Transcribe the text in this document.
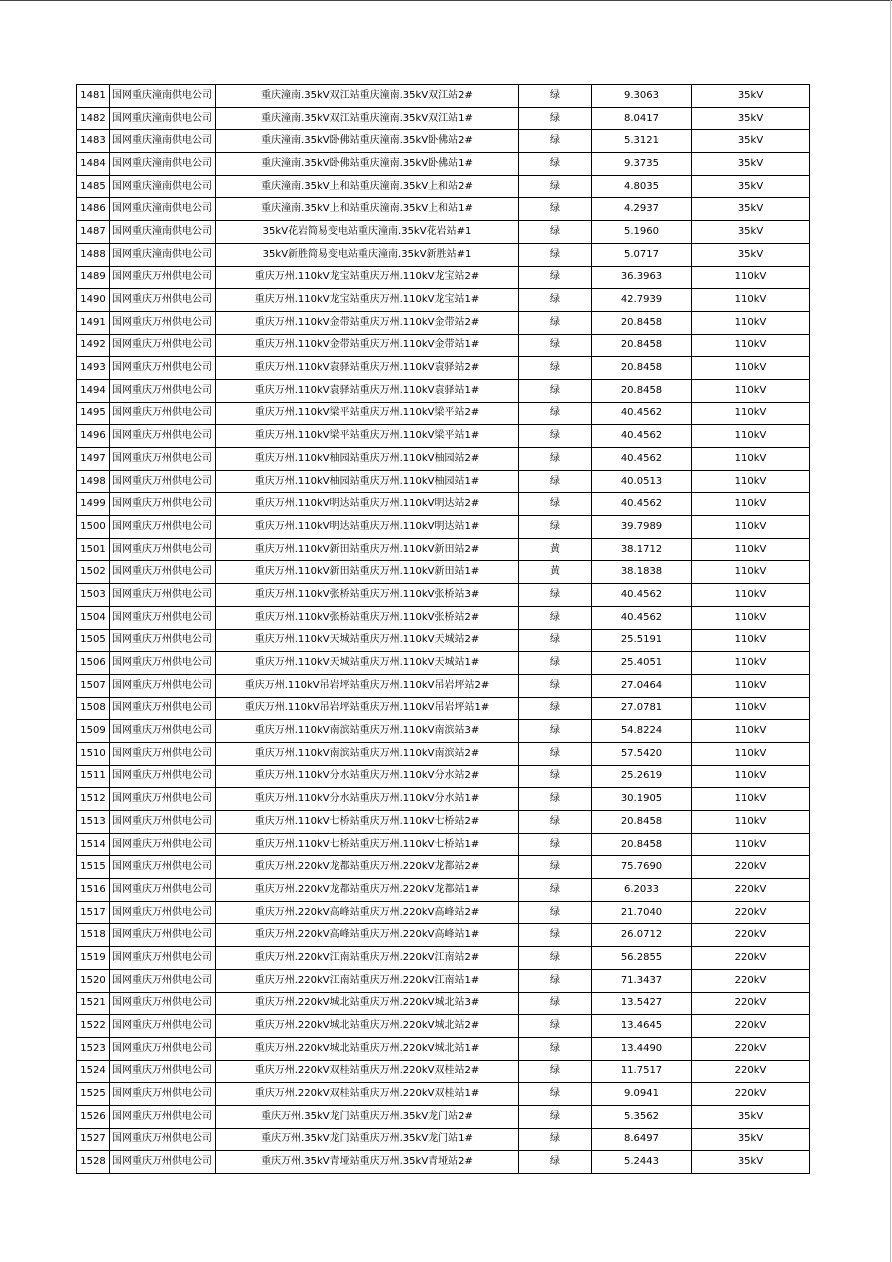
1481	国网重庆潼南供电公司	重庆潼南.35kV双江站重庆潼南.35kV双江站2#	绿	9.3063	35kV
1482	国网重庆潼南供电公司	重庆潼南.35kV双江站重庆潼南.35kV双江站1#	绿	8.0417	35kV
1483	国网重庆潼南供电公司	重庆潼南.35kV卧佛站重庆潼南.35kV卧佛站2#	绿	5.3121	35kV
1484	国网重庆潼南供电公司	重庆潼南.35kV卧佛站重庆潼南.35kV卧佛站1#	绿	9.3735	35kV
1485	国网重庆潼南供电公司	重庆潼南.35kV上和站重庆潼南.35kV上和站2#	绿	4.8035	35kV
1486	国网重庆潼南供电公司	重庆潼南.35kV上和站重庆潼南.35kV上和站1#	绿	4.2937	35kV
1487	国网重庆潼南供电公司	35kV花岩简易变电站重庆潼南.35kV花岩站#1	绿	5.1960	35kV
1488	国网重庆潼南供电公司	35kV新胜简易变电站重庆潼南.35kV新胜站#1	绿	5.0717	35kV
1489	国网重庆万州供电公司	重庆万州.110kV龙宝站重庆万州.110kV龙宝站2#	绿	36.3963	110kV
1490	国网重庆万州供电公司	重庆万州.110kV龙宝站重庆万州.110kV龙宝站1#	绿	42.7939	110kV
1491	国网重庆万州供电公司	重庆万州.110kV金带站重庆万州.110kV金带站2#	绿	20.8458	110kV
1492	国网重庆万州供电公司	重庆万州.110kV金带站重庆万州.110kV金带站1#	绿	20.8458	110kV
1493	国网重庆万州供电公司	重庆万州.110kV袁驿站重庆万州.110kV袁驿站2#	绿	20.8458	110kV
1494	国网重庆万州供电公司	重庆万州.110kV袁驿站重庆万州.110kV袁驿站1#	绿	20.8458	110kV
1495	国网重庆万州供电公司	重庆万州.110kV梁平站重庆万州.110kV梁平站2#	绿	40.4562	110kV
1496	国网重庆万州供电公司	重庆万州.110kV梁平站重庆万州.110kV梁平站1#	绿	40.4562	110kV
1497	国网重庆万州供电公司	重庆万州.110kV柚园站重庆万州.110kV柚园站2#	绿	40.4562	110kV
1498	国网重庆万州供电公司	重庆万州.110kV柚园站重庆万州.110kV柚园站1#	绿	40.0513	110kV
1499	国网重庆万州供电公司	重庆万州.110kV明达站重庆万州.110kV明达站2#	绿	40.4562	110kV
1500	国网重庆万州供电公司	重庆万州.110kV明达站重庆万州.110kV明达站1#	绿	39.7989	110kV
1501	国网重庆万州供电公司	重庆万州.110kV新田站重庆万州.110kV新田站2#	黄	38.1712	110kV
1502	国网重庆万州供电公司	重庆万州.110kV新田站重庆万州.110kV新田站1#	黄	38.1838	110kV
1503	国网重庆万州供电公司	重庆万州.110kV张桥站重庆万州.110kV张桥站3#	绿	40.4562	110kV
1504	国网重庆万州供电公司	重庆万州.110kV张桥站重庆万州.110kV张桥站2#	绿	40.4562	110kV
1505	国网重庆万州供电公司	重庆万州.110kV天城站重庆万州.110kV天城站2#	绿	25.5191	110kV
1506	国网重庆万州供电公司	重庆万州.110kV天城站重庆万州.110kV天城站1#	绿	25.4051	110kV
1507	国网重庆万州供电公司	重庆万州.110kV吊岩坪站重庆万州.110kV吊岩坪站2#	绿	27.0464	110kV
1508	国网重庆万州供电公司	重庆万州.110kV吊岩坪站重庆万州.110kV吊岩坪站1#	绿	27.0781	110kV
1509	国网重庆万州供电公司	重庆万州.110kV南滨站重庆万州.110kV南滨站3#	绿	54.8224	110kV
1510	国网重庆万州供电公司	重庆万州.110kV南滨站重庆万州.110kV南滨站2#	绿	57.5420	110kV
1511	国网重庆万州供电公司	重庆万州.110kV分水站重庆万州.110kV分水站2#	绿	25.2619	110kV
1512	国网重庆万州供电公司	重庆万州.110kV分水站重庆万州.110kV分水站1#	绿	30.1905	110kV
1513	国网重庆万州供电公司	重庆万州.110kV七桥站重庆万州.110kV七桥站2#	绿	20.8458	110kV
1514	国网重庆万州供电公司	重庆万州.110kV七桥站重庆万州.110kV七桥站1#	绿	20.8458	110kV
1515	国网重庆万州供电公司	重庆万州.220kV龙都站重庆万州.220kV龙都站2#	绿	75.7690	220kV
1516	国网重庆万州供电公司	重庆万州.220kV龙都站重庆万州.220kV龙都站1#	绿	6.2033	220kV
1517	国网重庆万州供电公司	重庆万州.220kV高峰站重庆万州.220kV高峰站2#	绿	21.7040	220kV
1518	国网重庆万州供电公司	重庆万州.220kV高峰站重庆万州.220kV高峰站1#	绿	26.0712	220kV
1519	国网重庆万州供电公司	重庆万州.220kV江南站重庆万州.220kV江南站2#	绿	56.2855	220kV
1520	国网重庆万州供电公司	重庆万州.220kV江南站重庆万州.220kV江南站1#	绿	71.3437	220kV
1521	国网重庆万州供电公司	重庆万州.220kV城北站重庆万州.220kV城北站3#	绿	13.5427	220kV
1522	国网重庆万州供电公司	重庆万州.220kV城北站重庆万州.220kV城北站2#	绿	13.4645	220kV
1523	国网重庆万州供电公司	重庆万州.220kV城北站重庆万州.220kV城北站1#	绿	13.4490	220kV
1524	国网重庆万州供电公司	重庆万州.220kV双桂站重庆万州.220kV双桂站2#	绿	11.7517	220kV
1525	国网重庆万州供电公司	重庆万州.220kV双桂站重庆万州.220kV双桂站1#	绿	9.0941	220kV
1526	国网重庆万州供电公司	重庆万州.35kV龙门站重庆万州.35kV龙门站2#	绿	5.3562	35kV
1527	国网重庆万州供电公司	重庆万州.35kV龙门站重庆万州.35kV龙门站1#	绿	8.6497	35kV
1528	国网重庆万州供电公司	重庆万州.35kV青垭站重庆万州.35kV青垭站2#	绿	5.2443	35kV
